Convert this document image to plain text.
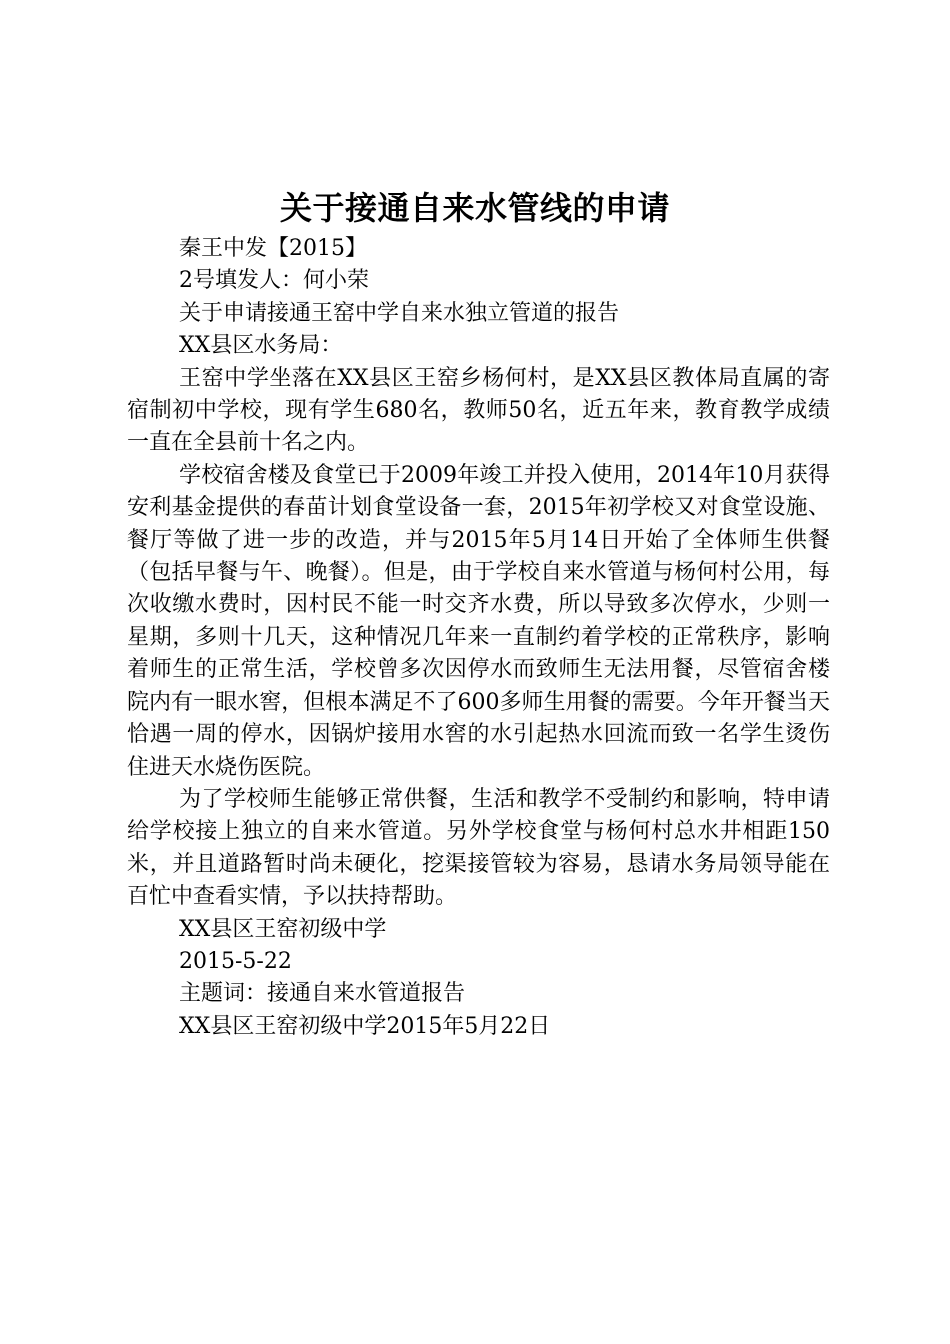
关于接通自来水管线的申请

秦王中发【2015】

2号填发人：何小荣

关于申请接通王窑中学自来水独立管道的报告

XX县区水务局：

王窑中学坐落在XX县区王窑乡杨何村，是XX县区教体局直属的寄宿制初中学校，现有学生680名，教师50名，近五年来，教育教学成绩一直在全县前十名之内。

学校宿舍楼及食堂已于2009年竣工并投入使用，2014年10月获得安利基金提供的春苗计划食堂设备一套，2015年初学校又对食堂设施、餐厅等做了进一步的改造，并与2015年5月14日开始了全体师生供餐（包括早餐与午、晚餐）。但是，由于学校自来水管道与杨何村公用，每次收缴水费时，因村民不能一时交齐水费，所以导致多次停水，少则一星期，多则十几天，这种情况几年来一直制约着学校的正常秩序，影响着师生的正常生活，学校曾多次因停水而致师生无法用餐，尽管宿舍楼院内有一眼水窖，但根本满足不了600多师生用餐的需要。今年开餐当天恰遇一周的停水，因锅炉接用水窖的水引起热水回流而致一名学生烫伤住进天水烧伤医院。

为了学校师生能够正常供餐，生活和教学不受制约和影响，特申请给学校接上独立的自来水管道。另外学校食堂与杨何村总水井相距150米，并且道路暂时尚未硬化，挖渠接管较为容易，恳请水务局领导能在百忙中查看实情，予以扶持帮助。

XX县区王窑初级中学

2015-5-22

主题词：接通自来水管道报告

XX县区王窑初级中学2015年5月22日
